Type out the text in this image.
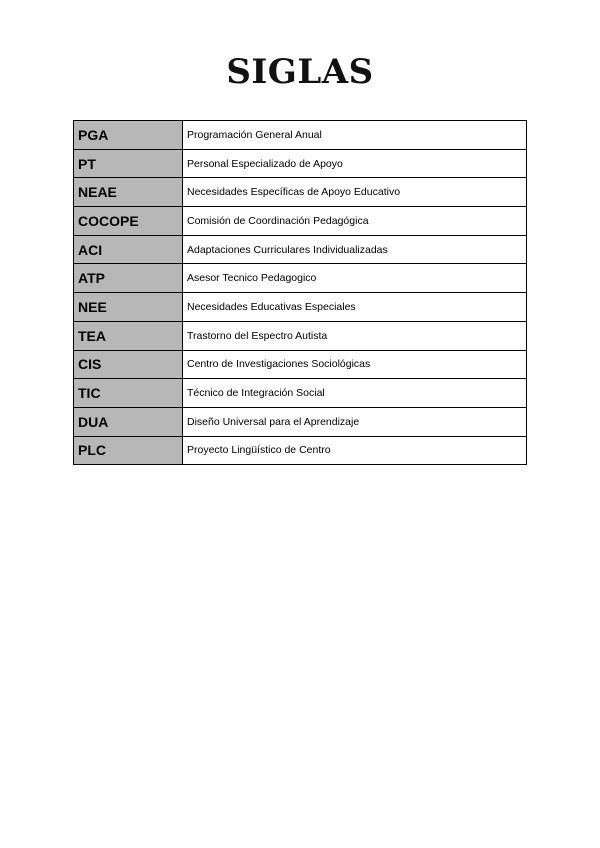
SIGLAS
PGA	Programación General Anual
PT	Personal Especializado de Apoyo
NEAE	Necesidades Específicas de Apoyo Educativo
COCOPE	Comisión de Coordinación Pedagógica
ACI	Adaptaciones Curriculares Individualizadas
ATP	Asesor Tecnico Pedagogico
NEE	Necesidades Educativas Especiales
TEA	Trastorno del Espectro Autista
CIS	Centro de Investigaciones Sociológicas
TIC	Técnico de Integración Social
DUA	Diseño Universal para el Aprendizaje
PLC	Proyecto Lingüístico de Centro
